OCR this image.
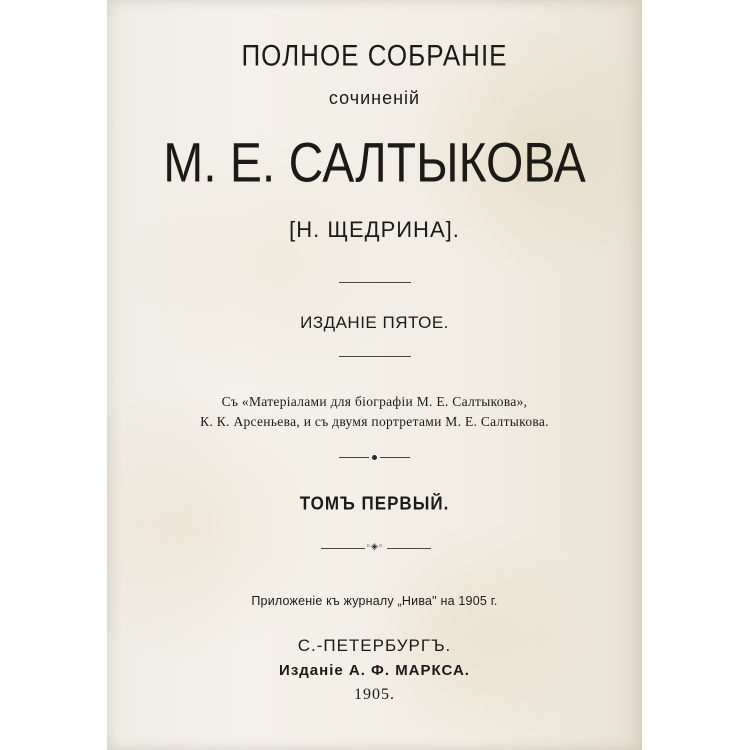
ПОЛНОЕ СОБРАНІЕ
сочиненій
М. Е. САЛТЫКОВА
[Н. ЩЕДРИНА].
ИЗДАНІЕ ПЯТОЕ.
Съ «Матеріалами для біографіи М. Е. Салтыкова»,
К. К. Арсеньева, и съ двумя портретами М. Е. Салтыкова.
ТОМЪ ПЕРВЫЙ.
◦◈◦
Приложеніе къ журналу „Нива" на 1905 г.
С.-ПЕТЕРБУРГЪ.
Изданіе А. Ф. МАРКСА.
1905.
